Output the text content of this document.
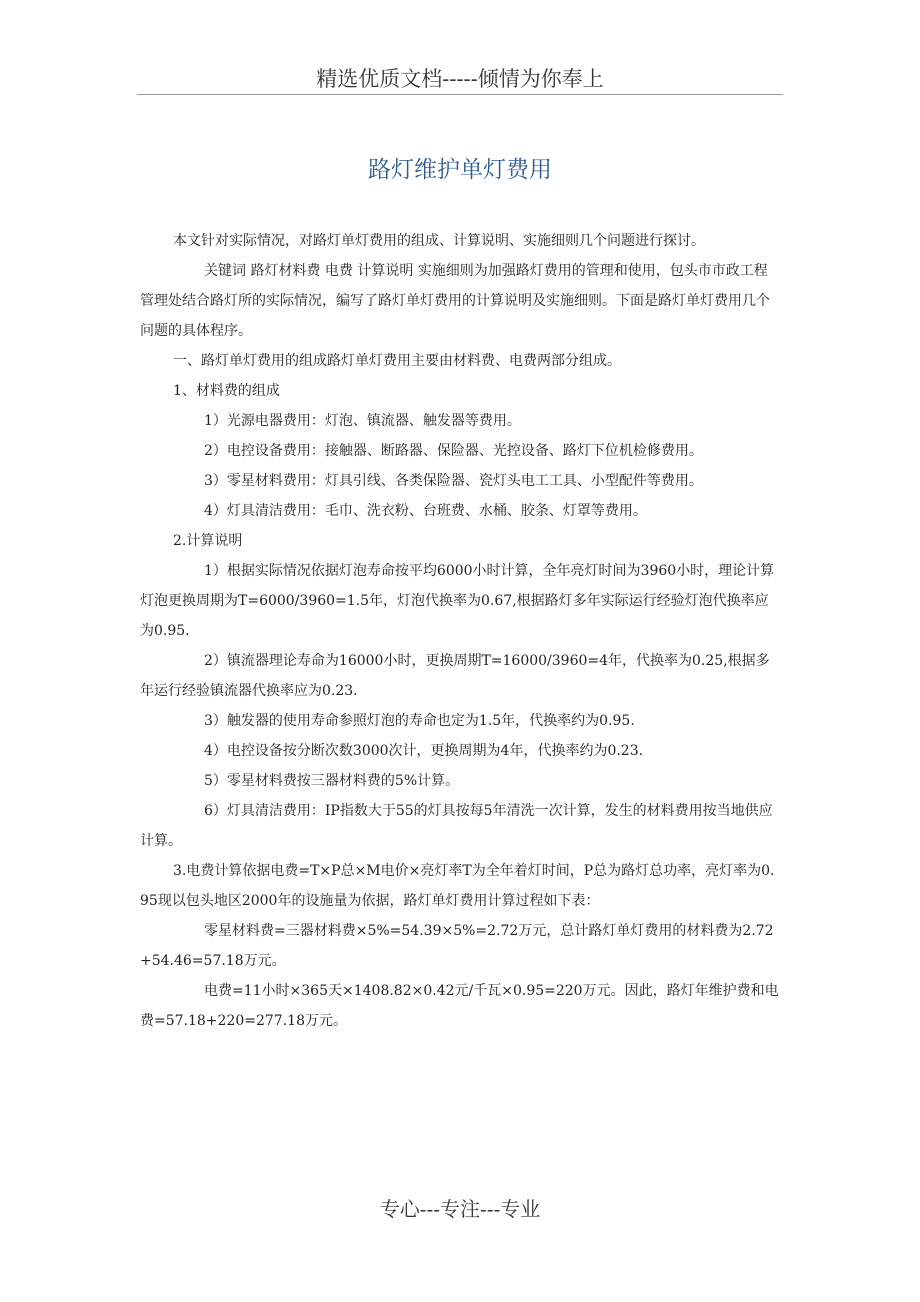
精选优质文档-----倾情为你奉上
路灯维护单灯费用

本文针对实际情况，对路灯单灯费用的组成、计算说明、实施细则几个问题进行探讨。

关键词 路灯材料费 电费 计算说明 实施细则为加强路灯费用的管理和使用，包头市市政工程管理处结合路灯所的实际情况，编写了路灯单灯费用的计算说明及实施细则。下面是路灯单灯费用几个问题的具体程序。

一、路灯单灯费用的组成路灯单灯费用主要由材料费、电费两部分组成。

1、材料费的组成

1）光源电器费用：灯泡、镇流器、触发器等费用。

2）电控设备费用：接触器、断路器、保险器、光控设备、路灯下位机检修费用。

3）零星材料费用：灯具引线、各类保险器、瓷灯头电工工具、小型配件等费用。

4）灯具清洁费用：毛巾、洗衣粉、台班费、水桶、胶条、灯罩等费用。

2.计算说明

1）根据实际情况依据灯泡寿命按平均6000小时计算，全年亮灯时间为3960小时，理论计算灯泡更换周期为T=6000/3960=1.5年，灯泡代换率为0.67,根据路灯多年实际运行经验灯泡代换率应为0.95.

2）镇流器理论寿命为16000小时，更换周期T=16000/3960=4年，代换率为0.25,根据多年运行经验镇流器代换率应为0.23.

3）触发器的使用寿命参照灯泡的寿命也定为1.5年，代换率约为0.95.

4）电控设备按分断次数3000次计，更换周期为4年，代换率约为0.23.

5）零星材料费按三器材料费的5%计算。

6）灯具清洁费用：IP指数大于55的灯具按每5年清洗一次计算，发生的材料费用按当地供应计算。

3.电费计算依据电费=T×P总×M电价×亮灯率T为全年着灯时间，P总为路灯总功率，亮灯率为0.95现以包头地区2000年的设施量为依据，路灯单灯费用计算过程如下表：

零星材料费=三器材料费×5%=54.39×5%=2.72万元，总计路灯单灯费用的材料费为2.72+54.46=57.18万元。

电费=11小时×365天×1408.82×0.42元/千瓦×0.95=220万元。因此，路灯年维护费和电费=57.18+220=277.18万元。

专心---专注---专业
